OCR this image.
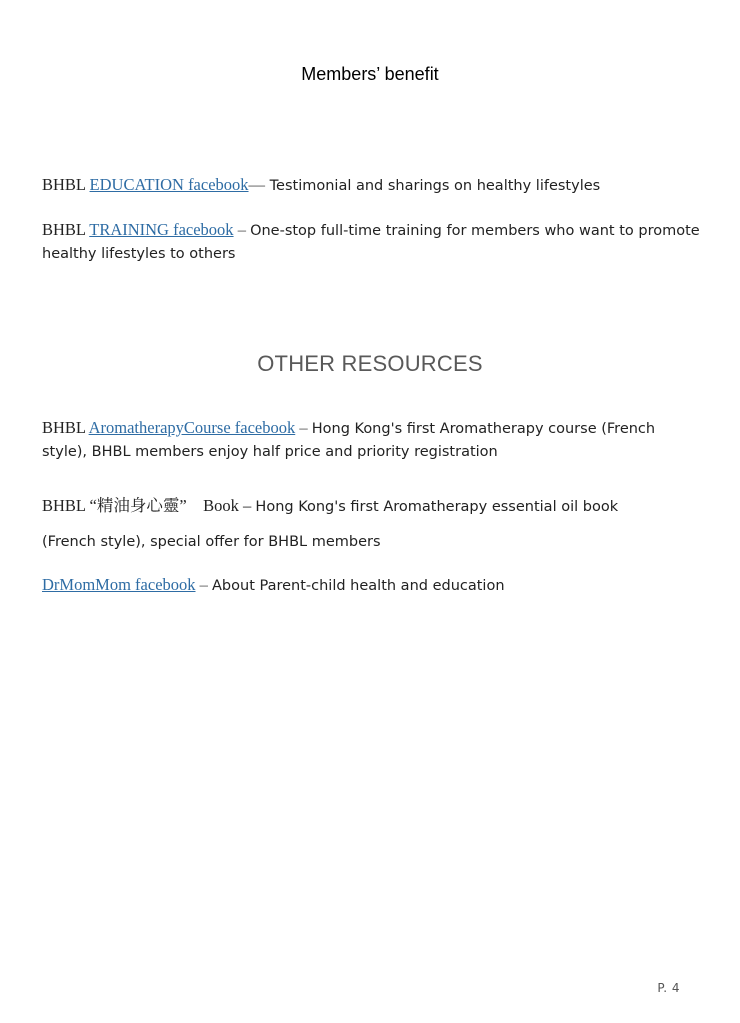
Members’ benefit
BHBL EDUCATION facebook— Testimonial and sharings on healthy lifestyles
BHBL TRAINING facebook – One-stop full-time training for members who want to promote healthy lifestyles to others
OTHER RESOURCES
BHBL AromatherapyCourse facebook – Hong Kong's first Aromatherapy course (French style), BHBL members enjoy half price and priority registration
BHBL “精油身心靈”　Book – Hong Kong's first Aromatherapy essential oil book
(French style), special offer for BHBL members
DrMomMom facebook – About Parent-child health and education
P. 4
